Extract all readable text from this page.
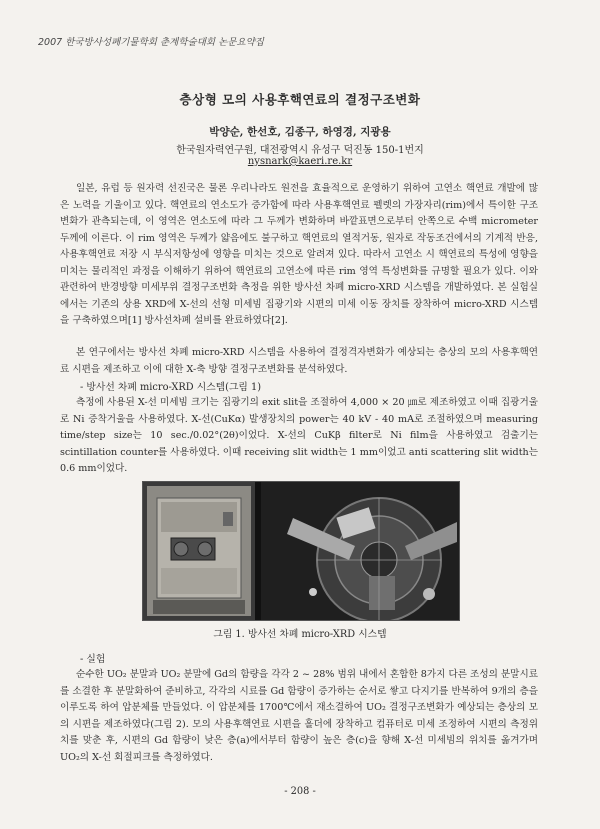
2007 한국방사성폐기물학회 춘계학술대회 논문요약집
층상형 모의 사용후핵연료의 결정구조변화
박양순, 한선호, 김종구, 하영경, 지광용
한국원자력연구원, 대전광역시 유성구 덕진동 150-1번지
nysnark@kaeri.re.kr

일본, 유럽 등 원자력 선진국은 물론 우리나라도 원전을 효율적으로 운영하기 위하여 고연소 핵연료 개발에 많은 노력을 기울이고 있다. 핵연료의 연소도가 증가함에 따라 사용후핵연료 펠렛의 가장자리(rim)에서 특이한 구조변화가 관측되는데, 이 영역은 연소도에 따라 그 두께가 변화하며 바깥표면으로부터 안쪽으로 수백 micrometer 두께에 이른다. 이 rim 영역은 두께가 얇음에도 불구하고 핵연료의 열적거동, 원자로 작동조건에서의 기계적 반응, 사용후핵연료 저장 시 부식저항성에 영향을 미치는 것으로 알려져 있다. 따라서 고연소 시 핵연료의 특성에 영향을 미치는 물리적인 과정을 이해하기 위하여 핵연료의 고연소에 따른 rim 영역 특성변화를 규명할 필요가 있다. 이와 관련하여 반경방향 미세부위 결정구조변화 측정을 위한 방사선 차폐 micro-XRD 시스템을 개발하였다. 본 실험실에서는 기존의 상용 XRD에 X-선의 선형 미세빔 집광기와 시편의 미세 이동 장치를 장착하여 micro-XRD 시스템을 구축하였으며[1] 방사선차폐 설비를 완료하였다[2].

본 연구에서는 방사선 차폐 micro-XRD 시스템을 사용하여 결정격자변화가 예상되는 층상의 모의 사용후핵연료 시편을 제조하고 이에 대한 X-축 방향 결정구조변화를 분석하였다.

- 방사선 차폐 micro-XRD 시스템(그림 1)

측정에 사용된 X-선 미세빔 크기는 집광기의 exit slit을 조절하여 4,000 × 20 ㎛로 제조하였고 이때 집광거울로 Ni 증착거울을 사용하였다. X-선(CuKα) 발생장치의 power는 40 kV - 40 mA로 조절하였으며 measuring time/step size는 10 sec./0.02°(2θ)이었다. X-선의 CuKβ filter로 Ni film을 사용하였고 검출기는 scintillation counter를 사용하였다. 이때 receiving slit width는 1 mm이었고 anti scattering slit width는 0.6 mm이었다.

그림 1. 방사선 차폐 micro-XRD 시스템
- 실험

순수한 UO₂ 분말과 UO₂ 분말에 Gd의 함량을 각각 2 ~ 28% 범위 내에서 혼합한 8가지 다른 조성의 분말시료를 소결한 후 분말화하여 준비하고, 각각의 시료를 Gd 함량이 증가하는 순서로 쌓고 다지기를 반복하여 9개의 층을 이루도록 하여 압분체를 만들었다. 이 압분체를 1700℃에서 재소결하여 UO₂ 결정구조변화가 예상되는 층상의 모의 시편을 제조하였다(그림 2). 모의 사용후핵연료 시편을 홀더에 장착하고 컴퓨터로 미세 조정하여 시편의 측정위치를 맞춘 후, 시편의 Gd 함량이 낮은 층(a)에서부터 함량이 높은 층(c)을 향해 X-선 미세빔의 위치를 옮겨가며 UO₂의 X-선 회절피크를 측정하였다.

- 208 -
